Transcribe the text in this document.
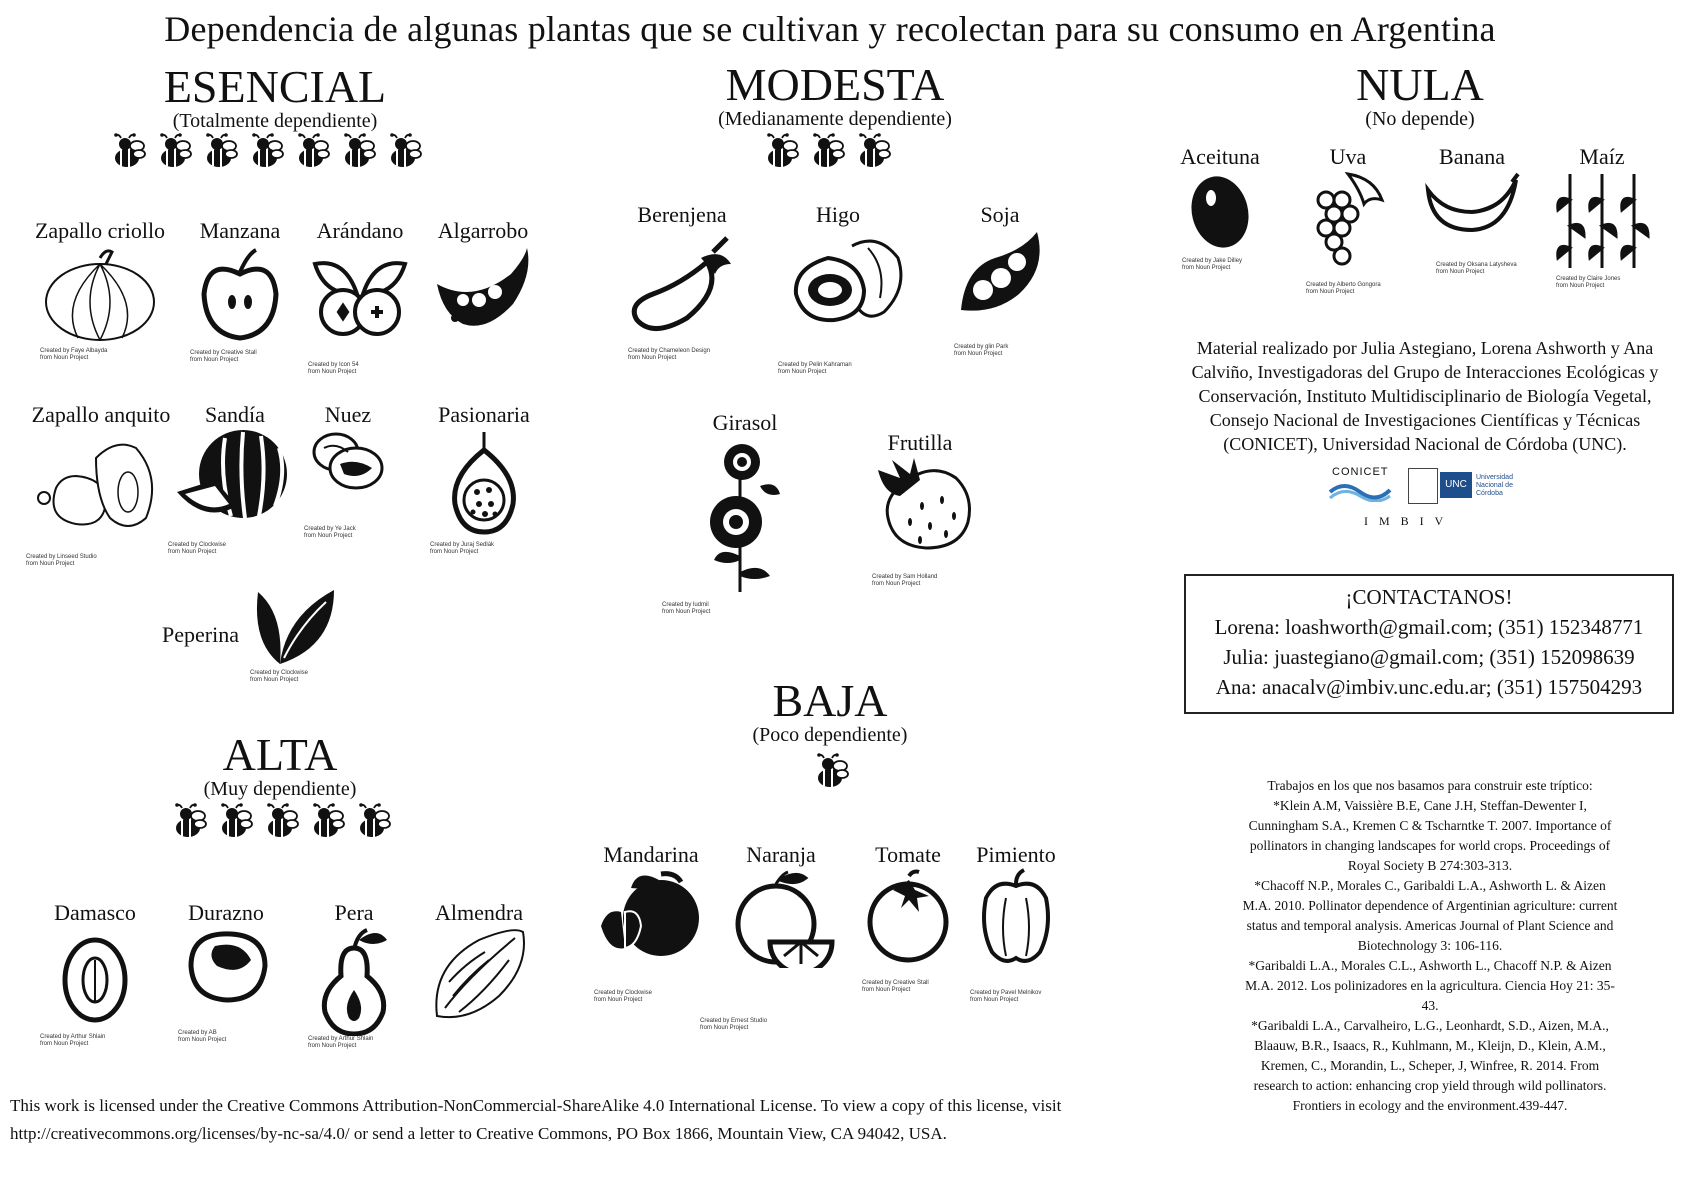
Dependencia de algunas plantas que se cultivan y recolectan para su consumo en Argentina
ESENCIAL
(Totalmente dependiente)
Zapallo criollo
Created by Faye Albayda
from Noun Project
Manzana
Created by Creative Stall
from Noun Project
Arándano
Created by Icon 54
from Noun Project
Algarrobo
Zapallo anquito
Created by Linseed Studio
from Noun Project
Sandía
Created by Clockwise
from Noun Project
Nuez
Created by Ye Jack
from Noun Project
Pasionaria
Created by Juraj Sedlák
from Noun Project
Peperina
Created by Clockwise
from Noun Project
ALTA
(Muy dependiente)
Damasco
Created by Arthur Shlain
from Noun Project
Durazno
Created by AB
from Noun Project
Pera
Created by Arthur Shlain
from Noun Project
Almendra
MODESTA
(Medianamente dependiente)
Berenjena
Created by Chameleon Design
from Noun Project
Higo
Created by Pelin Kahraman
from Noun Project
Soja
Created by glin Park
from Noun Project
Girasol
Created by ludmil
from Noun Project
Frutilla
Created by Sam Holland
from Noun Project
BAJA
(Poco dependiente)
Mandarina
Created by Clockwise
from Noun Project
Naranja
Created by Ernest Studio
from Noun Project
Tomate
Created by Creative Stall
from Noun Project
Pimiento
Created by Pavel Melnikov
from Noun Project
NULA
(No depende)
Aceituna
Created by Jake Dilley
from Noun Project
Uva
Created by Alberto Gongora
from Noun Project
Banana
Created by Oksana Latysheva
from Noun Project
Maíz
Created by Claire Jones
from Noun Project
Material realizado por Julia Astegiano, Lorena Ashworth y Ana Calviño, Investigadoras del Grupo de Interacciones Ecológicas y Conservación, Instituto Multidisciplinario de Biología Vegetal, Consejo Nacional de Investigaciones Científicas y Técnicas (CONICET), Universidad Nacional de Córdoba (UNC).
CONICET
UNC
Universidad Nacional de Córdoba
I M B I V
¡CONTACTANOS!
Lorena: loashworth@gmail.com; (351) 152348771
Julia: juastegiano@gmail.com; (351) 152098639
Ana: anacalv@imbiv.unc.edu.ar; (351) 157504293
Trabajos en los que nos basamos para construir este tríptico:
*Klein A.M, Vaissière B.E, Cane J.H, Steffan-Dewenter I, Cunningham S.A., Kremen C & Tscharntke T. 2007. Importance of pollinators in changing landscapes for world crops. Proceedings of Royal Society B 274:303-313.
*Chacoff N.P., Morales C., Garibaldi L.A., Ashworth L. & Aizen M.A. 2010. Pollinator dependence of Argentinian agriculture: current status and temporal analysis. Americas Journal of Plant Science and Biotechnology 3: 106-116.
*Garibaldi L.A., Morales C.L., Ashworth L., Chacoff N.P. & Aizen M.A. 2012. Los polinizadores en la agricultura. Ciencia Hoy 21: 35-43.
*Garibaldi L.A., Carvalheiro, L.G., Leonhardt, S.D., Aizen, M.A., Blaauw, B.R., Isaacs, R., Kuhlmann, M., Kleijn, D., Klein, A.M., Kremen, C., Morandin, L., Scheper, J, Winfree, R. 2014. From research to action: enhancing crop yield through wild pollinators. Frontiers in ecology and the environment.439-447.
This work is licensed under the Creative Commons Attribution-NonCommercial-ShareAlike 4.0 International License. To view a copy of this license, visit http://creativecommons.org/licenses/by-nc-sa/4.0/ or send a letter to Creative Commons, PO Box 1866, Mountain View, CA 94042, USA.
